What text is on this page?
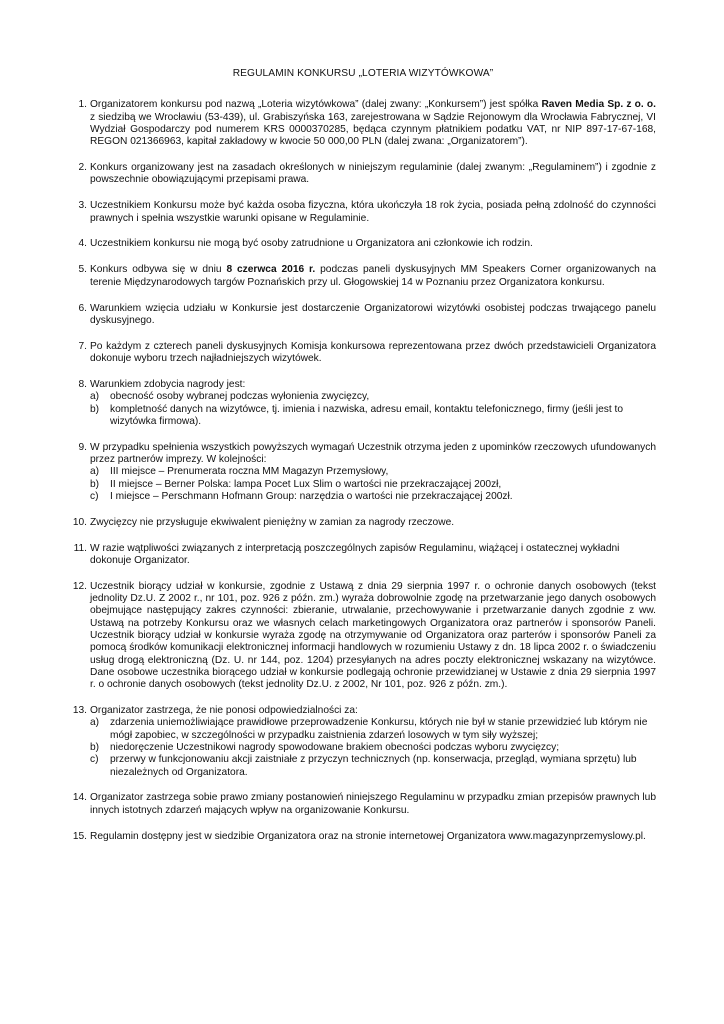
REGULAMIN KONKURSU „LOTERIA WIZYTÓWKOWA”
1. Organizatorem konkursu pod nazwą „Loteria wizytówkowa” (dalej zwany: „Konkursem”) jest spółka Raven Media Sp. z o. o. z siedzibą we Wrocławiu (53-439), ul. Grabiszyńska 163, zarejestrowana w Sądzie Rejonowym dla Wrocławia Fabrycznej, VI Wydział Gospodarczy pod numerem KRS 0000370285, będąca czynnym płatnikiem podatku VAT, nr NIP 897-17-67-168, REGON 021366963, kapitał zakładowy w kwocie 50 000,00 PLN (dalej zwana: „Organizatorem”).
2. Konkurs organizowany jest na zasadach określonych w niniejszym regulaminie (dalej zwanym: „Regulaminem”) i zgodnie z powszechnie obowiązującymi przepisami prawa.
3. Uczestnikiem Konkursu może być każda osoba fizyczna, która ukończyła 18 rok życia, posiada pełną zdolność do czynności prawnych i spełnia wszystkie warunki opisane w Regulaminie.
4. Uczestnikiem konkursu nie mogą być osoby zatrudnione u Organizatora ani członkowie ich rodzin.
5. Konkurs odbywa się w dniu 8 czerwca 2016 r. podczas paneli dyskusyjnych MM Speakers Corner organizowanych na terenie Międzynarodowych targów Poznańskich przy ul. Głogowskiej 14 w Poznaniu przez Organizatora konkursu.
6. Warunkiem wzięcia udziału w Konkursie jest dostarczenie Organizatorowi wizytówki osobistej podczas trwającego panelu dyskusyjnego.
7. Po każdym z czterech paneli dyskusyjnych Komisja konkursowa reprezentowana przez dwóch przedstawicieli Organizatora dokonuje wyboru trzech najładniejszych wizytówek.
8. Warunkiem zdobycia nagrody jest:
a) obecność osoby wybranej podczas wyłonienia zwycięzcy,
b) kompletność danych na wizytówce, tj. imienia i nazwiska, adresu email, kontaktu telefonicznego, firmy (jeśli jest to wizytówka firmowa).
9. W przypadku spełnienia wszystkich powyższych wymagań Uczestnik otrzyma jeden z upominków rzeczowych ufundowanych przez partnerów imprezy. W kolejności:
a) III miejsce – Prenumerata roczna MM Magazyn Przemysłowy,
b) II miejsce – Berner Polska: lampa Pocet Lux Slim o wartości nie przekraczającej 200zł,
c) I miejsce – Perschmann Hofmann Group: narzędzia o wartości nie przekraczającej 200zł.
10. Zwycięzcy nie przysługuje ekwiwalent pieniężny w zamian za nagrody rzeczowe.
11. W razie wątpliwości związanych z interpretacją poszczególnych zapisów Regulaminu, wiążącej i ostatecznej wykładni dokonuje Organizator.
12. Uczestnik biorący udział w konkursie, zgodnie z Ustawą z dnia 29 sierpnia 1997 r. o ochronie danych osobowych (tekst jednolity Dz.U. Z 2002 r., nr 101, poz. 926 z późn. zm.) wyraża dobrowolnie zgodę na przetwarzanie jego danych osobowych obejmujące następujący zakres czynności: zbieranie, utrwalanie, przechowywanie i przetwarzanie danych zgodnie z ww. Ustawą na potrzeby Konkursu oraz we własnych celach marketingowych Organizatora oraz partnerów i sponsorów Paneli. Uczestnik biorący udział w konkursie wyraża zgodę na otrzymywanie od Organizatora oraz parterów i sponsorów Paneli za pomocą środków komunikacji elektronicznej informacji handlowych w rozumieniu Ustawy z dn. 18 lipca 2002 r. o świadczeniu usług drogą elektroniczną (Dz. U. nr 144, poz. 1204) przesyłanych na adres poczty elektronicznej wskazany na wizytówce. Dane osobowe uczestnika biorącego udział w konkursie podlegają ochronie przewidzianej w Ustawie z dnia 29 sierpnia 1997 r. o ochronie danych osobowych (tekst jednolity Dz.U. z 2002, Nr 101, poz. 926 z późn. zm.).
13. Organizator zastrzega, że nie ponosi odpowiedzialności za:
a) zdarzenia uniemożliwiające prawidłowe przeprowadzenie Konkursu, których nie był w stanie przewidzieć lub którym nie mógł zapobiec, w szczególności w przypadku zaistnienia zdarzeń losowych w tym siły wyższej;
b) niedoręczenie Uczestnikowi nagrody spowodowane brakiem obecności podczas wyboru zwycięzcy;
c) przerwy w funkcjonowaniu akcji zaistniałe z przyczyn technicznych (np. konserwacja, przegląd, wymiana sprzętu) lub niezależnych od Organizatora.
14. Organizator zastrzega sobie prawo zmiany postanowień niniejszego Regulaminu w przypadku zmian przepisów prawnych lub innych istotnych zdarzeń mających wpływ na organizowanie Konkursu.
15. Regulamin dostępny jest w siedzibie Organizatora oraz na stronie internetowej Organizatora www.magazynprzemyslowy.pl.
